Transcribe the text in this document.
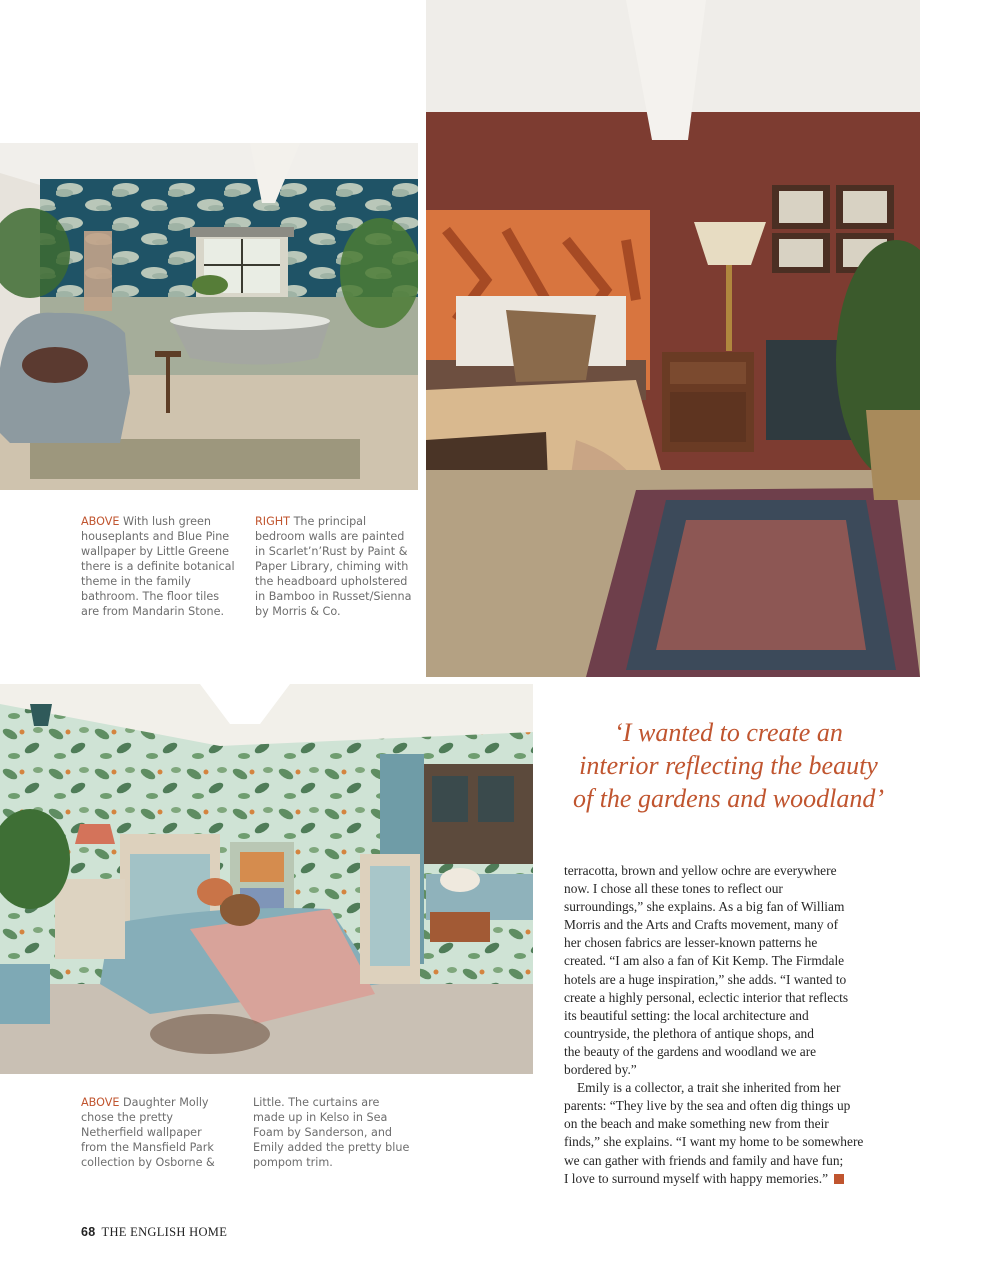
ABOVE With lush green
houseplants and Blue Pine
wallpaper by Little Greene
there is a definite botanical
theme in the family
bathroom. The floor tiles
are from Mandarin Stone.
RIGHT The principal
bedroom walls are painted
in Scarlet’n’Rust by Paint &
Paper Library, chiming with
the headboard upholstered
in Bamboo in Russet/Sienna
by Morris & Co.
ABOVE Daughter Molly
chose the pretty
Netherfield wallpaper
from the Mansfield Park
collection by Osborne &
Little. The curtains are
made up in Kelso in Sea
Foam by Sanderson, and
Emily added the pretty blue
pompom trim.
‘I wanted to create an
interior reflecting the beauty
of the gardens and woodland’

terracotta, brown and yellow ochre are everywhere
now. I chose all these tones to reflect our
surroundings,” she explains. As a big fan of William
Morris and the Arts and Crafts movement, many of
her chosen fabrics are lesser-known patterns he
created. “I am also a fan of Kit Kemp. The Firmdale
hotels are a huge inspiration,” she adds. “I wanted to
create a highly personal, eclectic interior that reflects
its beautiful setting: the local architecture and
countryside, the plethora of antique shops, and
the beauty of the gardens and woodland we are
bordered by.”

Emily is a collector, a trait she inherited from her
parents: “They live by the sea and often dig things up
on the beach and make something new from their
finds,” she explains. “I want my home to be somewhere
we can gather with friends and family and have fun;
I love to surround myself with happy memories.”

68 THE ENGLISH HOME
